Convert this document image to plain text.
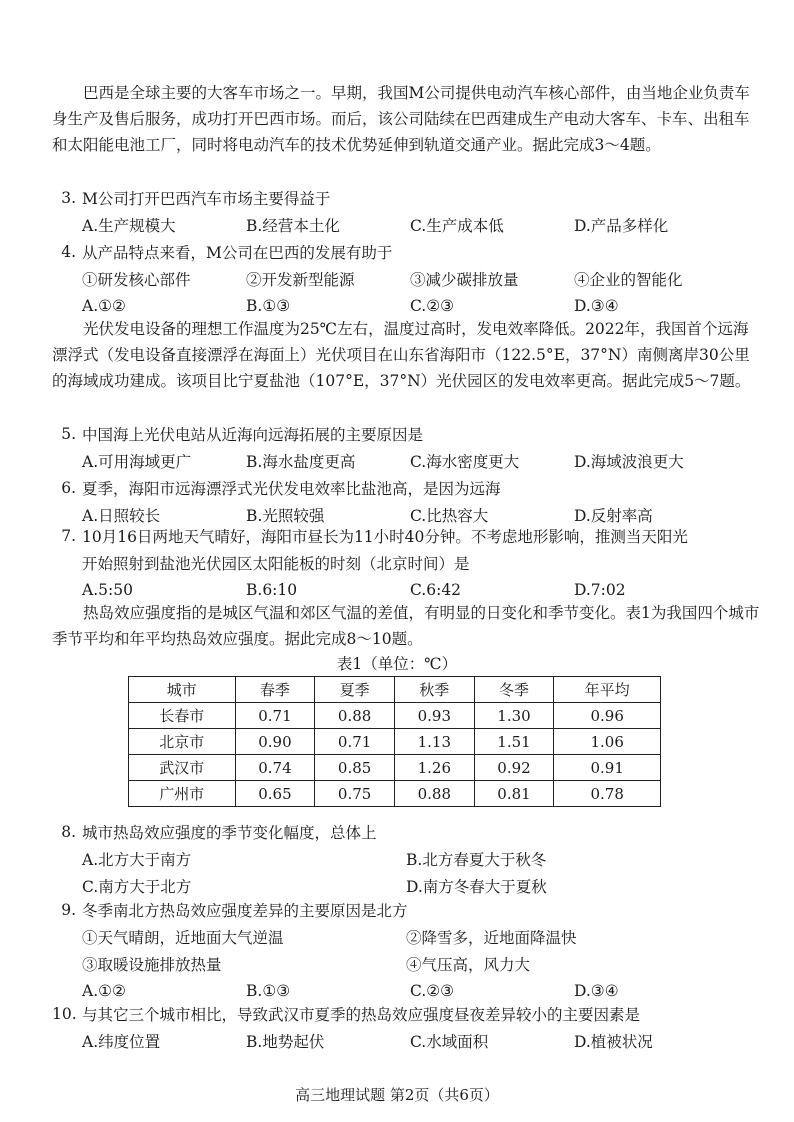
巴西是全球主要的大客车市场之一。早期，我国M公司提供电动汽车核心部件，由当地企业负责车身生产及售后服务，成功打开巴西市场。而后，该公司陆续在巴西建成生产电动大客车、卡车、出租车和太阳能电池工厂，同时将电动汽车的技术优势延伸到轨道交通产业。据此完成3～4题。
3. M公司打开巴西汽车市场主要得益于
A.生产规模大	B.经营本土化	C.生产成本低	D.产品多样化
4. 从产品特点来看，M公司在巴西的发展有助于
①研发核心部件	②开发新型能源	③减少碳排放量	④企业的智能化
A.①②	B.①③	C.②③	D.③④
光伏发电设备的理想工作温度为25℃左右，温度过高时，发电效率降低。2022年，我国首个远海漂浮式（发电设备直接漂浮在海面上）光伏项目在山东省海阳市（122.5°E，37°N）南侧离岸30公里的海域成功建成。该项目比宁夏盐池（107°E，37°N）光伏园区的发电效率更高。据此完成5～7题。
5. 中国海上光伏电站从近海向远海拓展的主要原因是
A.可用海域更广	B.海水盐度更高	C.海水密度更大	D.海域波浪更大
6. 夏季，海阳市远海漂浮式光伏发电效率比盐池高，是因为远海
A.日照较长	B.光照较强	C.比热容大	D.反射率高
7. 10月16日两地天气晴好，海阳市昼长为11小时40分钟。不考虑地形影响，推测当天阳光
开始照射到盐池光伏园区太阳能板的时刻（北京时间）是
A.5:50	B.6:10	C.6:42	D.7:02
热岛效应强度指的是城区气温和郊区气温的差值，有明显的日变化和季节变化。表1为我国四个城市季节平均和年平均热岛效应强度。据此完成8～10题。
表1（单位：℃）
城市	春季	夏季	秋季	冬季	年平均
长春市	0.71	0.88	0.93	1.30	0.96
北京市	0.90	0.71	1.13	1.51	1.06
武汉市	0.74	0.85	1.26	0.92	0.91
广州市	0.65	0.75	0.88	0.81	0.78
8. 城市热岛效应强度的季节变化幅度，总体上
A.北方大于南方	B.北方春夏大于秋冬
C.南方大于北方	D.南方冬春大于夏秋
9. 冬季南北方热岛效应强度差异的主要原因是北方
①天气晴朗，近地面大气逆温	②降雪多，近地面降温快
③取暖设施排放热量	④气压高，风力大
A.①②	B.①③	C.②③	D.③④
10. 与其它三个城市相比，导致武汉市夏季的热岛效应强度昼夜差异较小的主要因素是
A.纬度位置	B.地势起伏	C.水域面积	D.植被状况
高三地理试题 第2页（共6页）
